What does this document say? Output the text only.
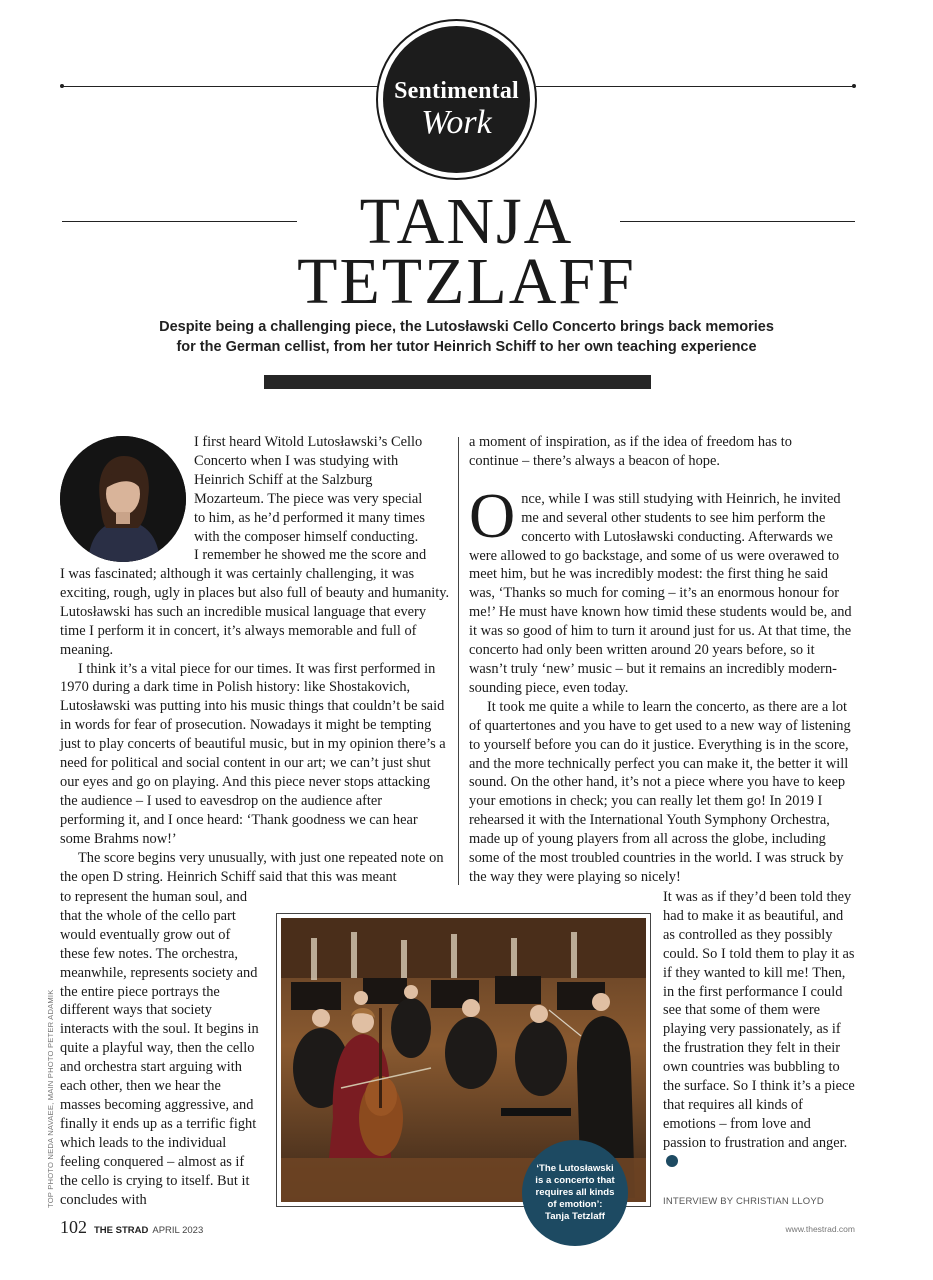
Sentimental
Work
TANJA
TETZLAFF
Despite being a challenging piece, the Lutosławski Cello Concerto brings back memories
for the German cellist, from her tutor Heinrich Schiff to her own teaching experience
I first heard Witold Lutosławski’s Cello
Concerto when I was studying with
Heinrich Schiff at the Salzburg
Mozarteum. The piece was very special
to him, as he’d performed it many times
with the composer himself conducting.
I remember he showed me the score and

I was fascinated; although it was certainly challenging, it was exciting, rough, ugly in places but also full of beauty and humanity. Lutosławski has such an incredible musical language that every time I perform it in concert, it’s always memorable and full of meaning.

I think it’s a vital piece for our times. It was first performed in 1970 during a dark time in Polish history: like Shostakovich, Lutosławski was putting into his music things that couldn’t be said in words for fear of prosecution. Nowadays it might be tempting just to play concerts of beautiful music, but in my opinion there’s a need for political and social content in our art; we can’t just shut our eyes and go on playing. And this piece never stops attacking the audience – I used to eavesdrop on the audience after performing it, and I once heard: ‘Thank goodness we can hear some Brahms now!’

The score begins very unusually, with just one repeated note on the open D string. Heinrich Schiff said that this was meant

to represent the human soul, and that the whole of the cello part would eventually grow out of these few notes. The orchestra, meanwhile, represents society and the entire piece portrays the different ways that society interacts with the soul. It begins in quite a playful way, then the cello and orchestra start arguing with each other, then we hear the masses becoming aggressive, and finally it ends up as a terrific fight which leads to the individual feeling conquered – almost as if the cello is crying to itself. But it concludes with

a moment of inspiration, as if the idea of freedom has to continue – there’s always a beacon of hope.

Once, while I was still studying with Heinrich, he invited me and several other students to see him perform the concerto with Lutosławski conducting. Afterwards we were allowed to go backstage, and some of us were overawed to meet him, but he was incredibly modest: the first thing he said was, ‘Thanks so much for coming – it’s an enormous honour for me!’ He must have known how timid these students would be, and it was so good of him to turn it around just for us. At that time, the concerto had only been written around 20 years before, so it wasn’t truly ‘new’ music – but it remains an incredibly modern-sounding piece, even today.

It took me quite a while to learn the concerto, as there are a lot of quartertones and you have to get used to a new way of listening to yourself before you can do it justice. Everything is in the score, and the more technically perfect you can make it, the better it will sound. On the other hand, it’s not a piece where you have to keep your emotions in check; you can really let them go! In 2019 I rehearsed it with the International Youth Symphony Orchestra, made up of young players from all across the globe, including some of the most troubled countries in the world. I was struck by the way they were playing so nicely!

It was as if they’d been told they had to make it as beautiful, and as controlled as they possibly could. So I told them to play it as if they wanted to kill me! Then, in the first performance I could see that some of them were playing very passionately, as if the frustration they felt in their own countries was bubbling to the surface. So I think it’s a piece that requires all kinds of emotions – from love and passion to frustration and anger.
INTERVIEW BY CHRISTIAN LLOYD
‘The Lutosławski
is a concerto that
requires all kinds
of emotion’:
Tanja Tetzlaff
TOP PHOTO NEDA NAVAEE, MAIN PHOTO PETER ADAMIK
102 THE STRAD APRIL 2023	www.thestrad.com
